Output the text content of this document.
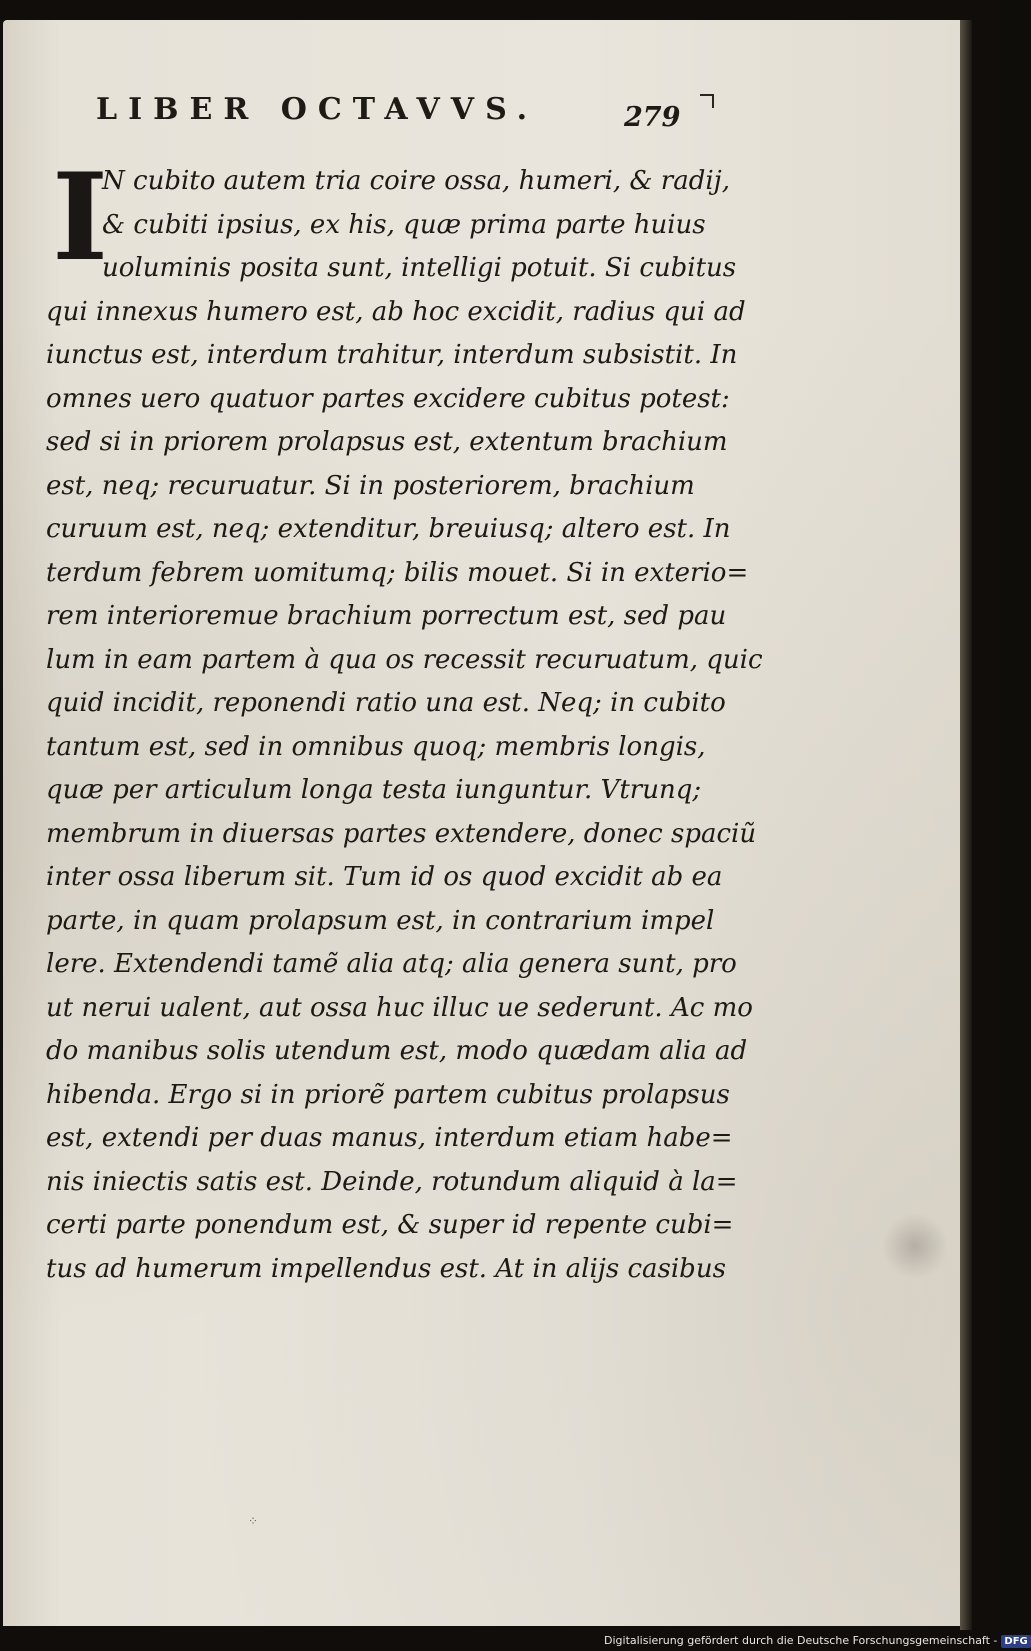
LIBER OCTAVVS.	279
I
N cubito autem tria coire ossa, humeri, & radij,
& cubiti ipsius, ex his, quæ prima parte huius
uoluminis posita sunt, intelligi potuit. Si cubitus
qui innexus humero est, ab hoc excidit, radius qui ad
iunctus est, interdum trahitur, interdum subsistit. In
omnes uero quatuor partes excidere cubitus potest:
sed si in priorem prolapsus est, extentum brachium
est, neq; recuruatur. Si in posteriorem, brachium
curuum est, neq; extenditur, breuiusq; altero est. In
terdum febrem uomitumq; bilis mouet. Si in exterio=
rem interioremue brachium porrectum est, sed pau
lum in eam partem à qua os recessit recuruatum, quic
quid incidit, reponendi ratio una est. Neq; in cubito
tantum est, sed in omnibus quoq; membris longis,
quæ per articulum longa testa iunguntur. Vtrunq;
membrum in diuersas partes extendere, donec spaciũ
inter ossa liberum sit. Tum id os quod excidit ab ea
parte, in quam prolapsum est, in contrarium impel
lere. Extendendi tamẽ alia atq; alia genera sunt, pro
ut nerui ualent, aut ossa huc illuc ue sederunt. Ac mo
do manibus solis utendum est, modo quædam alia ad
hibenda. Ergo si in priorẽ partem cubitus prolapsus
est, extendi per duas manus, interdum etiam habe=
nis iniectis satis est. Deinde, rotundum aliquid à la=
certi parte ponendum est, & super id repente cubi=
tus ad humerum impellendus est. At in alijs casibus
⁘
Digitalisierung gefördert durch die Deutsche Forschungsgemeinschaft - DFG
